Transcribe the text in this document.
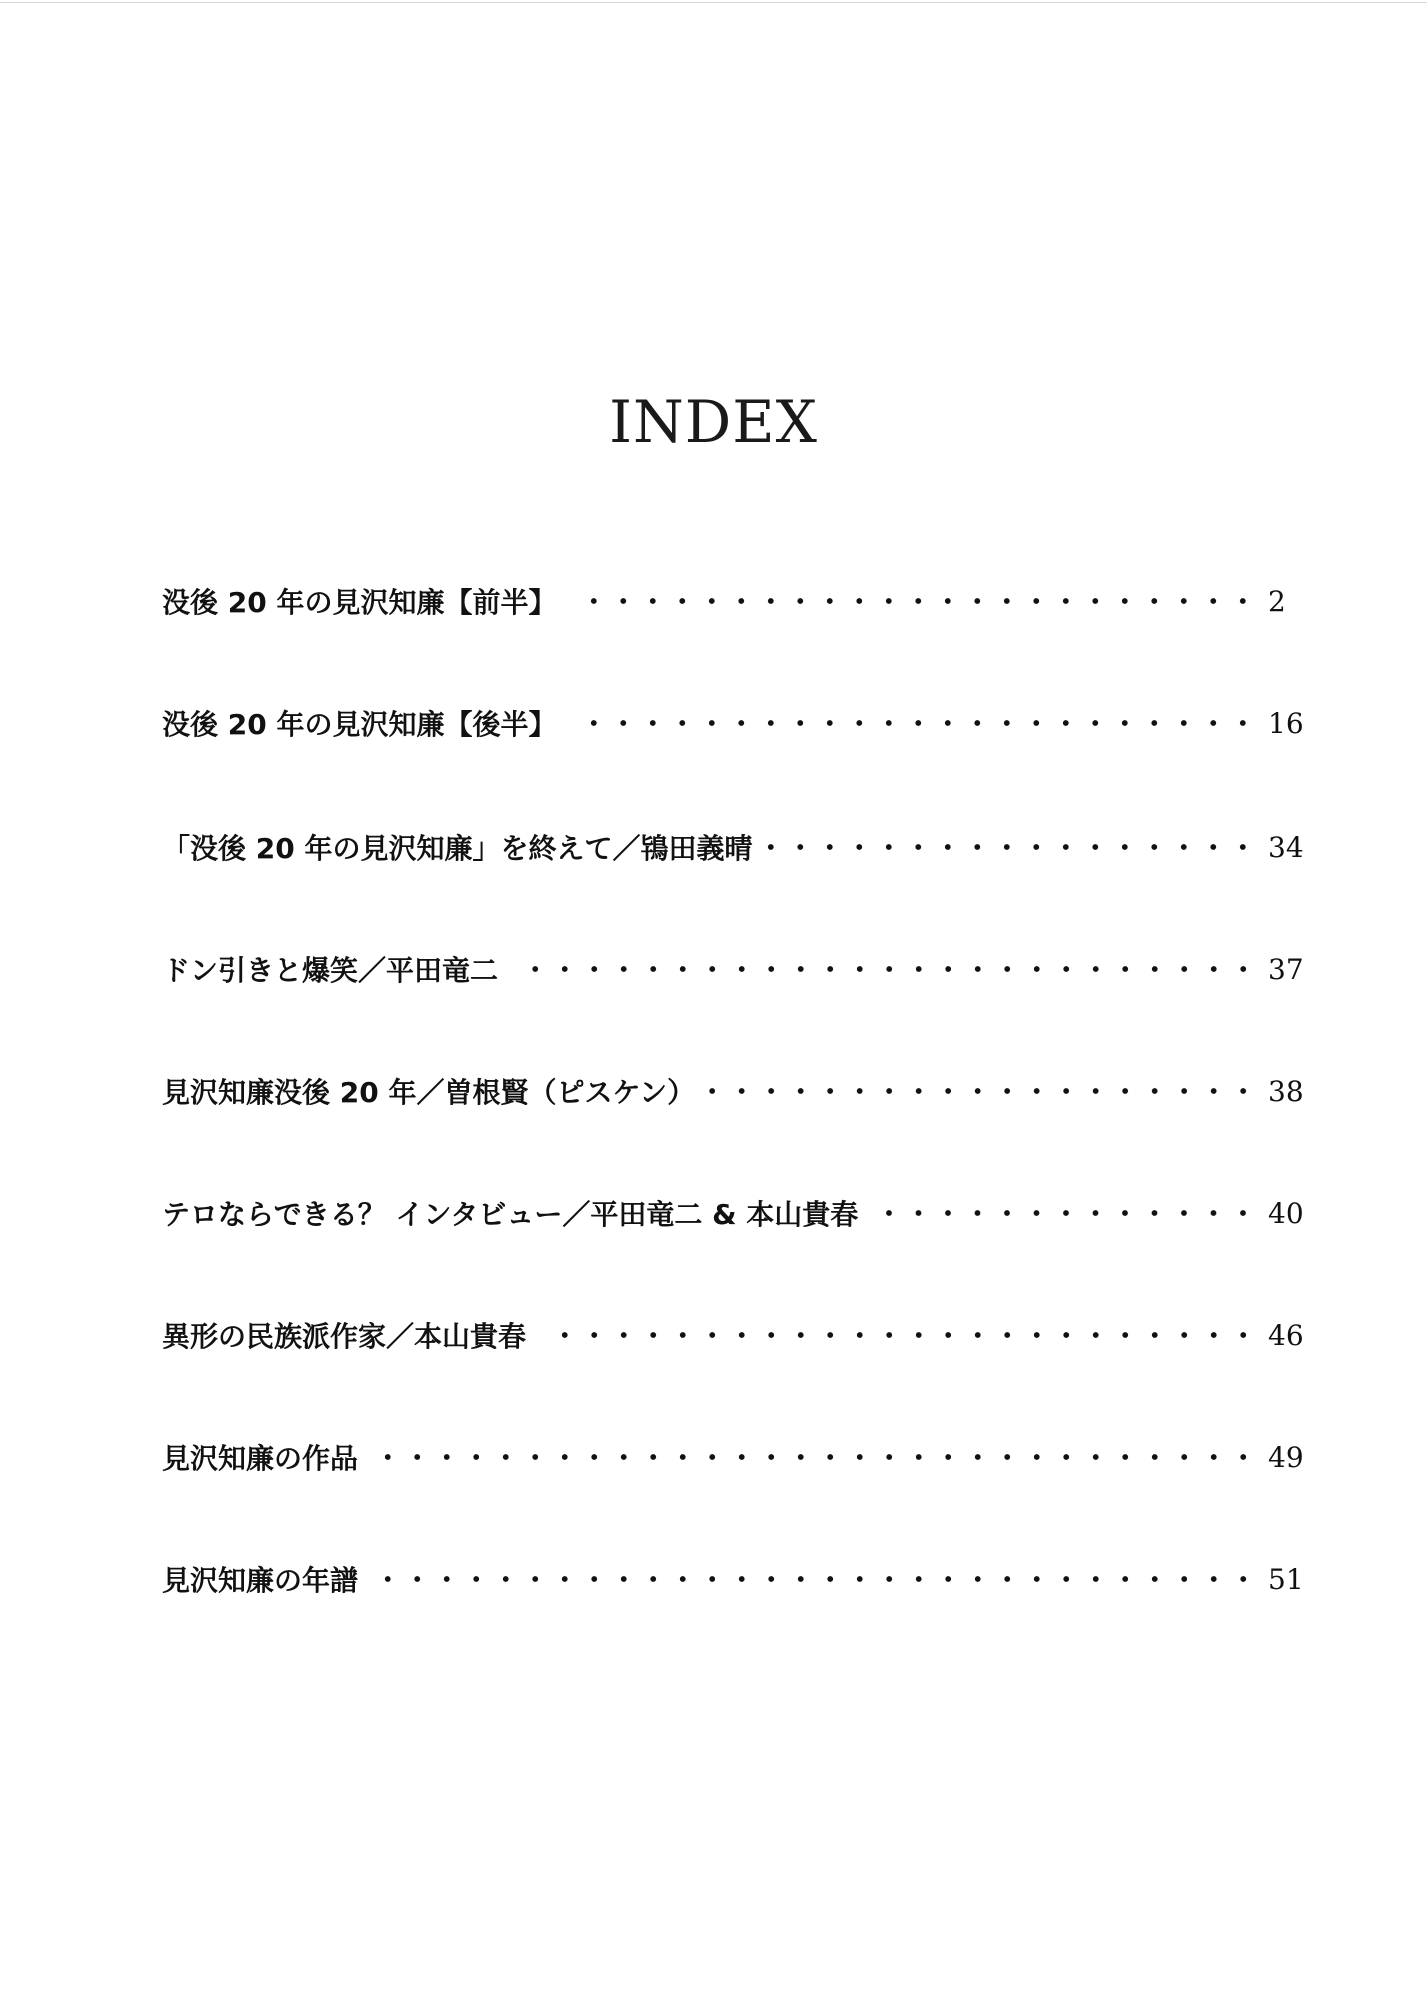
INDEX
没後 20 年の見沢知廉【前半】	2
没後 20 年の見沢知廉【後半】	16
「没後 20 年の見沢知廉」を終えて／鴇田義晴	34
ドン引きと爆笑／平田竜二	37
見沢知廉没後 20 年／曽根賢（ピスケン）	38
テロならできる？ インタビュー／平田竜二 & 本山貴春	40
異形の民族派作家／本山貴春	46
見沢知廉の作品	49
見沢知廉の年譜	51
